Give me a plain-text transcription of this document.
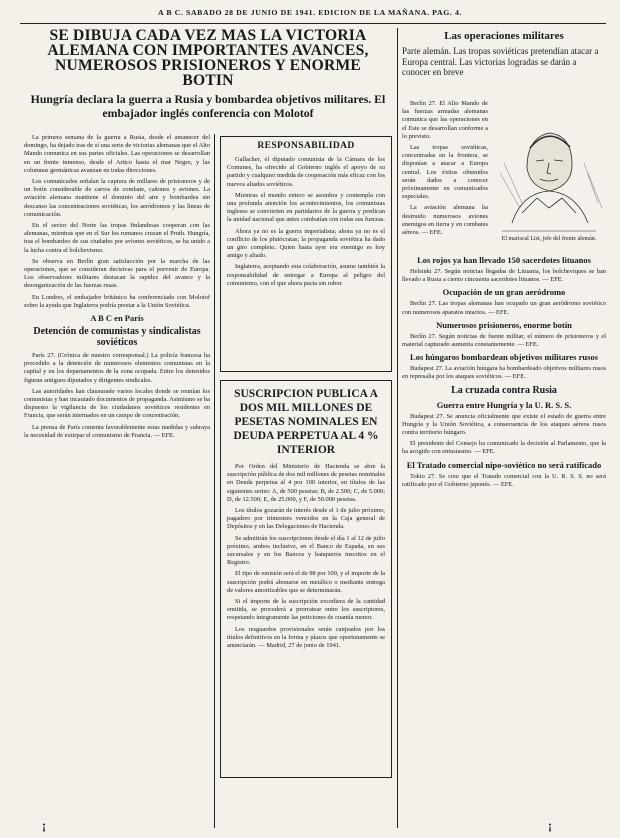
A B C. SABADO 28 DE JUNIO DE 1941. EDICION DE LA MAÑANA. PAG. 4.
SE DIBUJA CADA VEZ MAS LA VICTORIA ALEMANA CON IMPORTANTES AVANCES, NUMEROSOS PRISIONEROS Y ENORME BOTIN
Hungría declara la guerra a Rusia y bombardea objetivos militares. El embajador inglés conferencia con Molotof

La primera semana de la guerra a Rusia, desde el amanecer del domingo, ha dejado tras de sí una serie de victorias alemanas que el Alto Mando comunica en sus partes oficiales. Las operaciones se desarrollan en un frente inmenso, desde el Artico hasta el mar Negro, y las columnas germánicas avanzan en todas direcciones.

Los comunicados señalan la captura de millares de prisioneros y de un botín considerable de carros de combate, cañones y aviones. La aviación alemana mantiene el dominio del aire y bombardea sin descanso las concentraciones soviéticas, los aeródromos y las líneas de comunicación.

En el sector del Norte las tropas finlandesas cooperan con las alemanas, mientras que en el Sur los rumanos cruzan el Pruth. Hungría, tras el bombardeo de sus ciudades por aviones soviéticos, se ha unido a la lucha contra el bolchevismo.

Se observa en Berlín gran satisfacción por la marcha de las operaciones, que se consideran decisivas para el porvenir de Europa. Los observadores militares destacan la rapidez del avance y la desorganización de las fuerzas rusas.

En Londres, el embajador británico ha conferenciado con Molotof sobre la ayuda que Inglaterra podría prestar a la Unión Soviética.

A B C en París
Detención de comunistas y sindicalistas soviéticos

París 27. (Crónica de nuestro corresponsal.) La policía francesa ha procedido a la detención de numerosos elementos comunistas en la capital y en los departamentos de la zona ocupada. Entre los detenidos figuran antiguos diputados y dirigentes sindicales.

Las autoridades han clausurado varios locales donde se reunían los comunistas y han incautado documentos de propaganda. Asimismo se ha dispuesto la vigilancia de los ciudadanos soviéticos residentes en Francia, que serán internados en un campo de concentración.

La prensa de París comenta favorablemente estas medidas y subraya la necesidad de extirpar el comunismo de Francia. — EFE.

RESPONSABILIDAD

Gallacher, el diputado comunista de la Cámara de los Comunes, ha ofrecido al Gobierno inglés el apoyo de su partido y cualquier medida de cooperación más eficaz con los nuevos aliados soviéticos.

Mientras el mundo entero se asombra y contempla con una profunda atención los acontecimientos, los comunistas ingleses se convierten en partidarios de la guerra y predican la unidad nacional que antes combatían con todas sus fuerzas.

Ahora ya no es la guerra imperialista; ahora ya no es el conflicto de los plutócratas; la propaganda soviética ha dado un giro completo. Quien hasta ayer era enemigo es hoy amigo y aliado.

Inglaterra, aceptando esta colaboración, asume también la responsabilidad de entregar a Europa al peligro del comunismo, con el que ahora pacta sin rubor.

SUSCRIPCION PUBLICA A DOS MIL MILLONES DE PESETAS NOMINALES EN DEUDA PERPETUA AL 4 % INTERIOR

Por Orden del Ministerio de Hacienda se abre la suscripción pública de dos mil millones de pesetas nominales en Deuda perpetua al 4 por 100 interior, en títulos de las siguientes series: A, de 500 pesetas; B, de 2.500; C, de 5.000; D, de 12.500; E, de 25.000, y F, de 50.000 pesetas.

Los títulos gozarán de interés desde el 1 de julio próximo, pagadero por trimestres vencidos en la Caja general de Depósitos y en las Delegaciones de Hacienda.

Se admitirán los suscripciones desde el día 1 al 12 de julio próximo, ambos inclusive, en el Banco de España, en sus sucursales y en los Bancos y banqueros inscritos en el Registro.

El tipo de emisión será el de 98 por 100, y el importe de la suscripción podrá abonarse en metálico o mediante entrega de valores amortizables que se determinarán.

Si el importe de la suscripción excediera de la cantidad emitida, se procederá a prorratear entre los suscriptores, respetando íntegramente las peticiones de cuantía menor.

Los resguardos provisionales serán canjeados por los títulos definitivos en la forma y plazos que oportunamente se anunciarán. — Madrid, 27 de junio de 1941.

Parte alemán. Las tropas soviéticas pretendían atacar a Europa central. Las victorias logradas se darán a conocer en breve
Las operaciones militares

Berlín 27. El Alto Mando de las fuerzas armadas alemanas comunica que las operaciones en el Este se desarrollan conforme a lo previsto.

Las tropas soviéticas, concentradas en la frontera, se disponían a atacar a Europa central. Los éxitos obtenidos serán dados a conocer próximamente en comunicados especiales.

La aviación alemana ha destruido numerosos aviones enemigos en tierra y en combates aéreos. — EFE.

El mariscal List, jefe del frente alemán.
Los rojos ya han llevado 150 sacerdotes lituanos

Helsinki 27. Según noticias llegadas de Lituania, los bolcheviques se han llevado a Rusia a ciento cincuenta sacerdotes lituanos. — EFE.

Ocupación de un gran aeródromo

Berlín 27. Las tropas alemanas han ocupado un gran aeródromo soviético con numerosos aparatos intactos. — EFE.

Numerosos prisioneros, enorme botín

Berlín 27. Según noticias de fuente militar, el número de prisioneros y el material capturado aumenta constantemente. — EFE.

Los húngaros bombardean objetivos militares rusos

Budapest 27. La aviación húngara ha bombardeado objetivos militares rusos en represalia por los ataques soviéticos. — EFE.

La cruzada contra Rusia
Guerra entre Hungría y la U. R. S. S.

Budapest 27. Se anuncia oficialmente que existe el estado de guerra entre Hungría y la Unión Soviética, a consecuencia de los ataques aéreos rusos contra territorio húngaro.

El presidente del Consejo ha comunicado la decisión al Parlamento, que la ha acogido con entusiasmo. — EFE.

El Tratado comercial nipo-soviético no será ratificado

Tokio 27. Se cree que el Tratado comercial con la U. R. S. S. no será ratificado por el Gobierno japonés. — EFE.

¡	¡
